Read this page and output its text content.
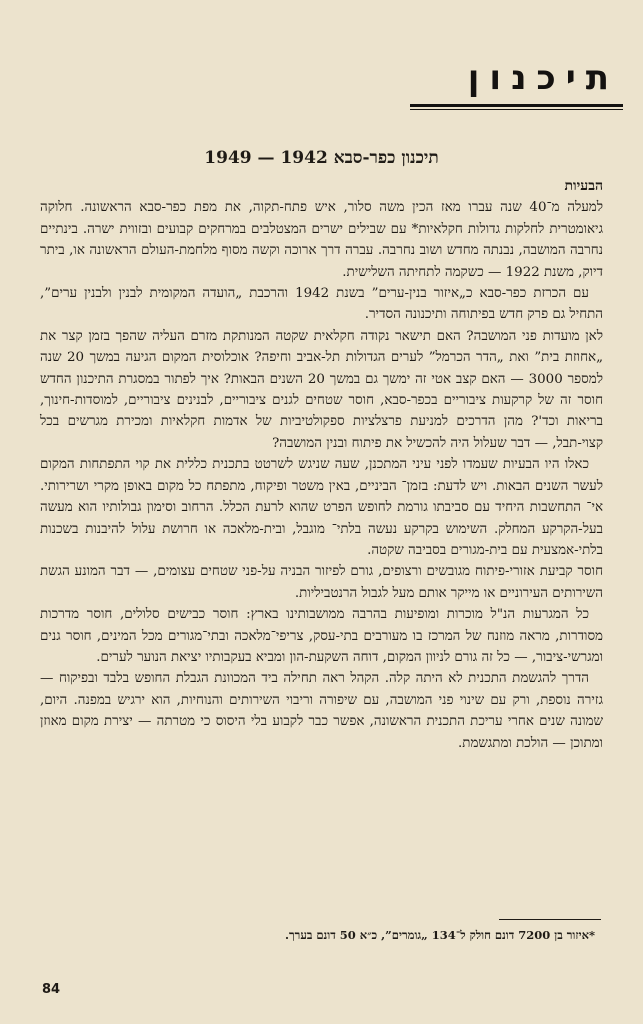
תיכנון
תיכנון כפר-סבא 1942 — 1949
הבעיות

למעלה מ־40 שנה עברו מאז הכין משה סלור, איש פתח-תקוה, את מפת כפר-סבא הראשונה. חלוקה גיאומטרית לחלקות גדולות חקלאיות* עם שבילים ישרים המצטלבים במרחקים קבועים ובזווית ישרה. בינתיים נחרבה המושבה, נבנתה מחדש ושוב נחרבה. עברה דרך ארוכה וקשה מסוף מלחמת-העולם הראשונה או, ביתר דיוק, משנת 1922 — כשקמה לתחיתה השלישית.

עם הכרזת כפר-סבא כ„איזור בנין-ערים” בשנת 1942 והרכבת „הועדה המקומית לבנין ולבנין ערים”, התחיל גם פרק חדש בפיתוחה ותיכנונה הסדיר.

לאן מועדות פני המושבה? האם תישאר נקודה חקלאית שקטה המנותקת מזרם העליה שהפך בזמן קצר את „אחוזת בית” ואת „הדר הכרמל” לערים הגדולות תל-אביב וחיפה? אוכלוסית המקום הגיעה במשך 20 שנה למספר 3000 — האם קצב אטי זה ימשך גם במשך 20 השנים הבאות? איך לפתור במסגרת התיכנון החדש חוסר זה של קרקעות ציבוריים בכפר-סבא, חוסר שטחים לגנים ציבוריים, לבנינים ציבוריים, למוסדות-חינוך, בריאות וכד'? מהן הדרכים למניעת פרצלציות ספקולטיביות של אדמות חקלאיות ומכירת מגרשים בכל קצוי-תבל, — דבר שעלול היה להכשיל את פיתוח ובנין המושבה?

כאלו היו הבעיות שעמדו לפני עיני המתכנן, שעה שניגש לשרטט בתכנית כללית את קוי התפתחות המקום לעשר השנים הבאות. ויש לדעת: בזמן־ הביניים, באין משטר ופיקוח, מתפתח כל מקום באופן מקרי ושרירותי. אי־ התחשבות היחיד עם סביבתו גורמת לחופש הפרט שהוא לרעת הכלל. הרחוב וסימון גבולותיו הוא מעשה בעל-הקרקע המחלק. השימוש בקרקע נעשה בלתי־ מוגבל, ובית-מלאכה או חרושת עלול להיבנות בשכנות בלתי-אמצעית עם בית-מגורים בסביבה שקטה.

חוסר קביעת אזורי-פיתוח מגובשים ורצופים, גורם לפיזור הבניה על-פני שטחים עצומים, — דבר המונע הגשת השירותים העירוניים או מייקר אותם מעל לגבול הרנטביליות.

כל המגרעות הנ"ל מוכרות ומופיעות בהרבה ממושבותינו בארץ: חוסר כבישים סלולים, חוסר מדרכות מסודרות, מראה מוזנח של המרכז בו מעורבים בתי-עסק, צריפי־מלאכה ובתי־מגורים מכל המינים, חוסר גנים ומגרשי-ציבור, — כל זה גורם לניוון המקום, דוחה השקעת-הון ומביא בעקבותיו יציאת הנוער לערים.

הדרך להגשמת התכנית לא היתה קלה. הקהל ראה תחילה ביד המכוונת הגבלת החופש בלבד ובפיקוח — גזירה נוספת, ורק עם שינוי פני המושבה, עם שיפורה וריבוי השירותים והנוחיות, הוא ירגיש במפנה. היום, שמונה שנים אחרי עריכת התכנית הראשונה, אפשר כבר לקבוע בלי היסוס כי מטרתה — יצירת מקום מאוזן ומתוכן — הולכת ומתגשמת.

*איזור בן 7200 דונם חולק ל־134 „גומרים”, כ״א 50 דונם בערך.
84
